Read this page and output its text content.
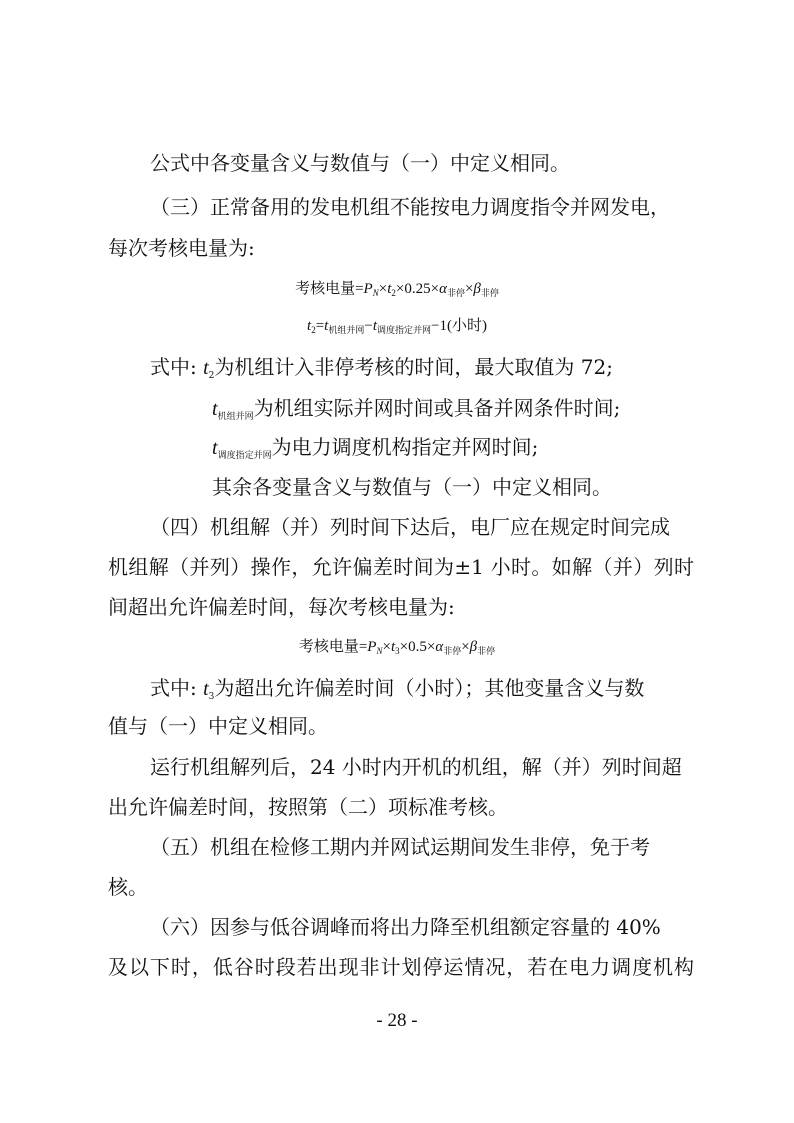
公式中各变量含义与数值与（一）中定义相同。
（三）正常备用的发电机组不能按电力调度指令并网发电，
每次考核电量为:
考核电量$=P_N\times t_2\times 0.25\times\alpha_{非停}\times\beta_{非停}$
$t_2=t_{机组并网}-t_{调度指定并网}-1$(小时)
式中: $t_2$为机组计入非停考核的时间，最大取值为 72;
$t_{机组并网}$为机组实际并网时间或具备并网条件时间;
$t_{调度指定并网}$为电力调度机构指定并网时间;
其余各变量含义与数值与（一）中定义相同。
（四）机组解（并）列时间下达后，电厂应在规定时间完成
机组解（并列）操作，允许偏差时间为±1 小时。如解（并）列时
间超出允许偏差时间，每次考核电量为:
考核电量$=P_N\times t_3\times 0.5\times\alpha_{非停}\times\beta_{非停}$
式中: $t_3$为超出允许偏差时间（小时）；其他变量含义与数
值与（一）中定义相同。
运行机组解列后，24 小时内开机的机组，解（并）列时间超
出允许偏差时间，按照第（二）项标准考核。
（五）机组在检修工期内并网试运期间发生非停，免于考
核。
（六）因参与低谷调峰而将出力降至机组额定容量的 40%
及以下时，低谷时段若出现非计划停运情况，若在电力调度机构
- 28 -
